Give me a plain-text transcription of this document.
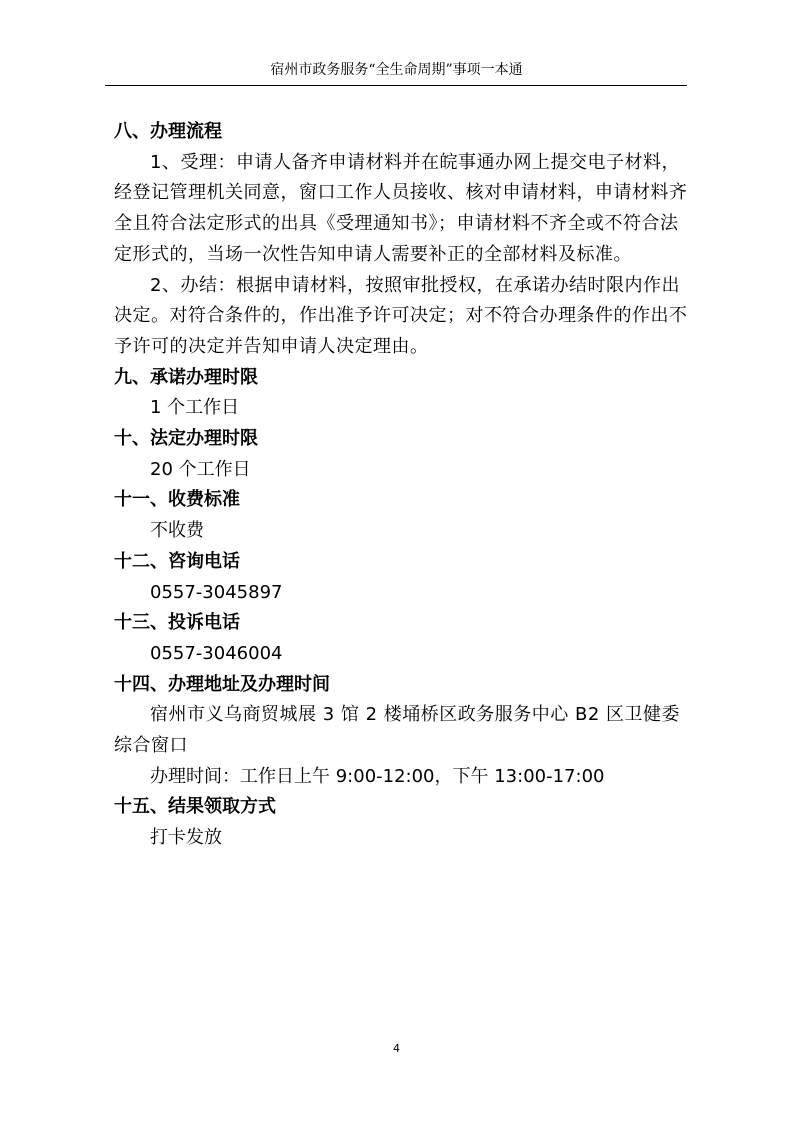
宿州市政务服务“全生命周期”事项一本通
八、办理流程
1、受理：申请人备齐申请材料并在皖事通办网上提交电子材料，经登记管理机关同意，窗口工作人员接收、核对申请材料，申请材料齐全且符合法定形式的出具《受理通知书》；申请材料不齐全或不符合法定形式的，当场一次性告知申请人需要补正的全部材料及标准。
2、办结：根据申请材料，按照审批授权，在承诺办结时限内作出决定。对符合条件的，作出准予许可决定；对不符合办理条件的作出不予许可的决定并告知申请人决定理由。
九、承诺办理时限
1 个工作日
十、法定办理时限
20 个工作日
十一、收费标准
不收费
十二、咨询电话
0557-3045897
十三、投诉电话
0557-3046004
十四、办理地址及办理时间
宿州市义乌商贸城展 3 馆 2 楼埇桥区政务服务中心 B2 区卫健委综合窗口
办理时间：工作日上午 9:00-12:00，下午 13:00-17:00
十五、结果领取方式
打卡发放
4
